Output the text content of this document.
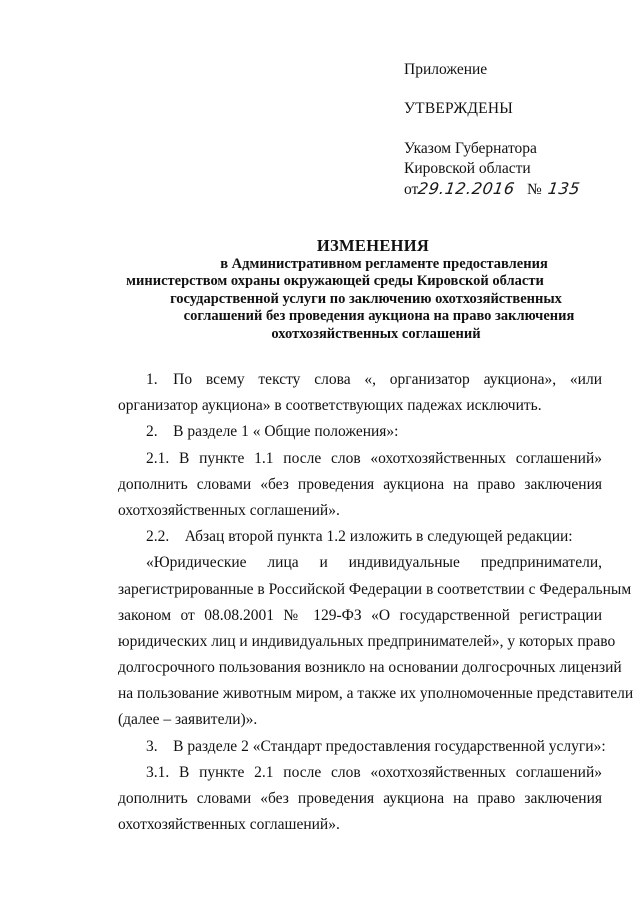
Приложение
УТВЕРЖДЕНЫ
Указом Губернатора
Кировской области
от29.12.2016 № 135
ИЗМЕНЕНИЯ
в Административном регламенте предоставления
министерством охраны окружающей среды Кировской области
государственной услуги по заключению охотхозяйственных
соглашений без проведения аукциона на право заключения
охотхозяйственных соглашений
1. По всему тексту слова «, организатор аукциона», «или
организатор аукциона» в соответствующих падежах исключить.
2. В разделе 1 « Общие положения»:
2.1. В пункте 1.1 после слов «охотхозяйственных соглашений»
дополнить словами «без проведения аукциона на право заключения
охотхозяйственных соглашений».
2.2. Абзац второй пункта 1.2 изложить в следующей редакции:
«Юридические лица и индивидуальные предприниматели,
зарегистрированные в Российской Федерации в соответствии с Федеральным
законом от 08.08.2001 № 129-ФЗ «О государственной регистрации
юридических лиц и индивидуальных предпринимателей», у которых право
долгосрочного пользования возникло на основании долгосрочных лицензий
на пользование животным миром, а также их уполномоченные представители
(далее – заявители)».
3. В разделе 2 «Стандарт предоставления государственной услуги»:
3.1. В пункте 2.1 после слов «охотхозяйственных соглашений»
дополнить словами «без проведения аукциона на право заключения
охотхозяйственных соглашений».
